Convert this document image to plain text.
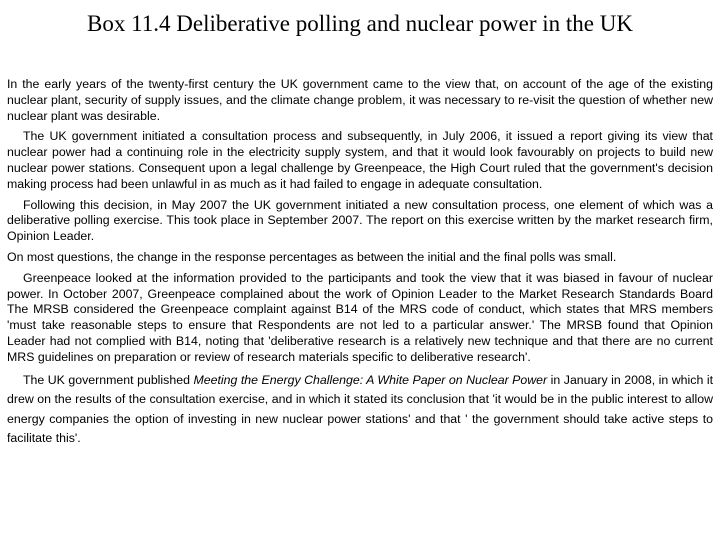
Box 11.4 Deliberative polling and nuclear power in the UK

In the early years of the twenty-first century the UK government came to the view that, on account of the age of the existing nuclear plant, security of supply issues, and the climate change problem, it was necessary to re-visit the question of whether new nuclear plant was desirable.

The UK government initiated a consultation process and subsequently, in July 2006, it issued a report giving its view that nuclear power had a continuing role in the electricity supply system, and that it would look favourably on projects to build new nuclear power stations. Consequent upon a legal challenge by Greenpeace, the High Court ruled that the government's decision making process had been unlawful in as much as it had failed to engage in adequate consultation.

Following this decision, in May 2007 the UK government initiated a new consultation process, one element of which was a deliberative polling exercise. This took place in September 2007. The report on this exercise written by the market research firm, Opinion Leader.

On most questions, the change in the response percentages as between the initial and the final polls was small.

Greenpeace looked at the information provided to the participants and took the view that it was biased in favour of nuclear power. In October 2007, Greenpeace complained about the work of Opinion Leader to the Market Research Standards Board The MRSB considered the Greenpeace complaint against B14 of the MRS code of conduct, which states that MRS members 'must take reasonable steps to ensure that Respondents are not led to a particular answer.' The MRSB found that Opinion Leader had not complied with B14, noting that 'deliberative research is a relatively new technique and that there are no current MRS guidelines on preparation or review of research materials specific to deliberative research'.

The UK government published Meeting the Energy Challenge: A White Paper on Nuclear Power in January in 2008, in which it drew on the results of the consultation exercise, and in which it stated its conclusion that 'it would be in the public interest to allow energy companies the option of investing in new nuclear power stations' and that ' the government should take active steps to facilitate this'.
